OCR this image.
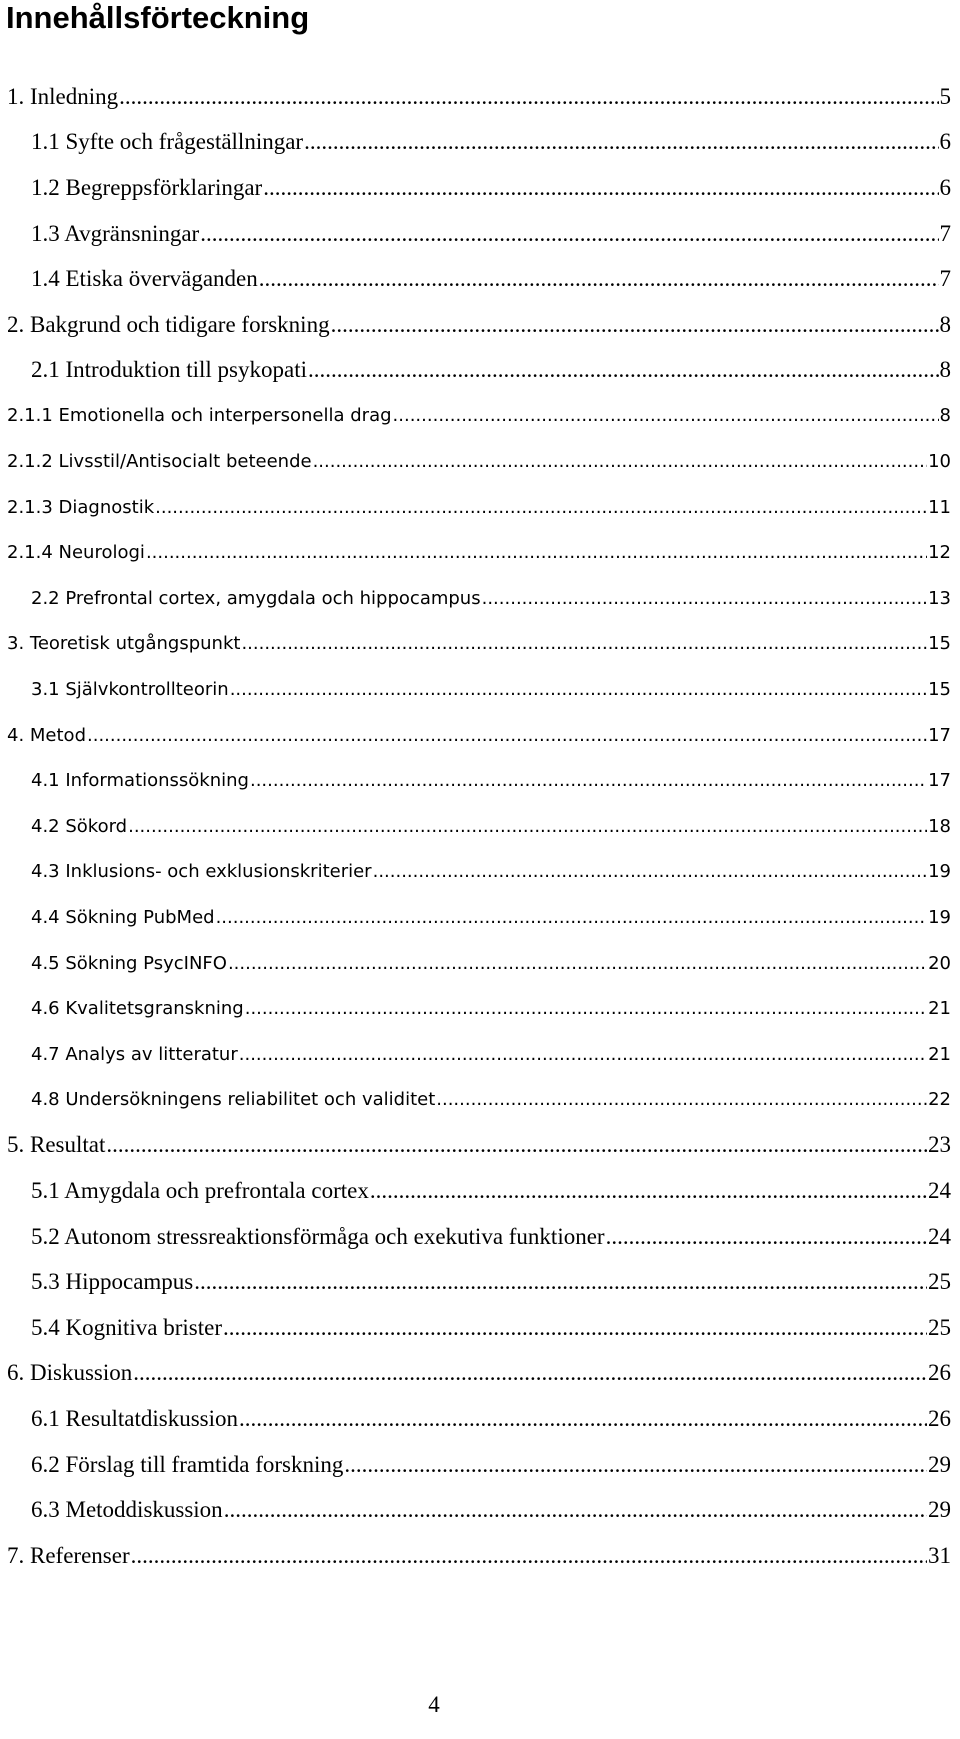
Innehållsförteckning
1. Inledning .....	5
1.1 Syfte och frågeställningar .....	6
1.2 Begreppsförklaringar .....	6
1.3 Avgränsningar .....	7
1.4 Etiska överväganden .....	7
2. Bakgrund och tidigare forskning .....	8
2.1 Introduktion till psykopati .....	8
2.1.1 Emotionella och interpersonella drag .....	8
2.1.2 Livsstil/Antisocialt beteende .....	10
2.1.3 Diagnostik .....	11
2.1.4 Neurologi .....	12
2.2 Prefrontal cortex, amygdala och hippocampus .....	13
3. Teoretisk utgångspunkt .....	15
3.1 Självkontrollteorin .....	15
4. Metod .....	17
4.1 Informationssökning .....	17
4.2 Sökord .....	18
4.3 Inklusions- och exklusionskriterier .....	19
4.4 Sökning PubMed .....	19
4.5 Sökning PsycINFO .....	20
4.6 Kvalitetsgranskning .....	21
4.7 Analys av litteratur .....	21
4.8 Undersökningens reliabilitet och validitet .....	22
5. Resultat .....	23
5.1 Amygdala och prefrontala cortex .....	24
5.2 Autonom stressreaktionsförmåga och exekutiva funktioner .....	24
5.3 Hippocampus .....	25
5.4 Kognitiva brister .....	25
6. Diskussion .....	26
6.1 Resultatdiskussion .....	26
6.2 Förslag till framtida forskning .....	29
6.3 Metoddiskussion .....	29
7. Referenser .....	31
4
